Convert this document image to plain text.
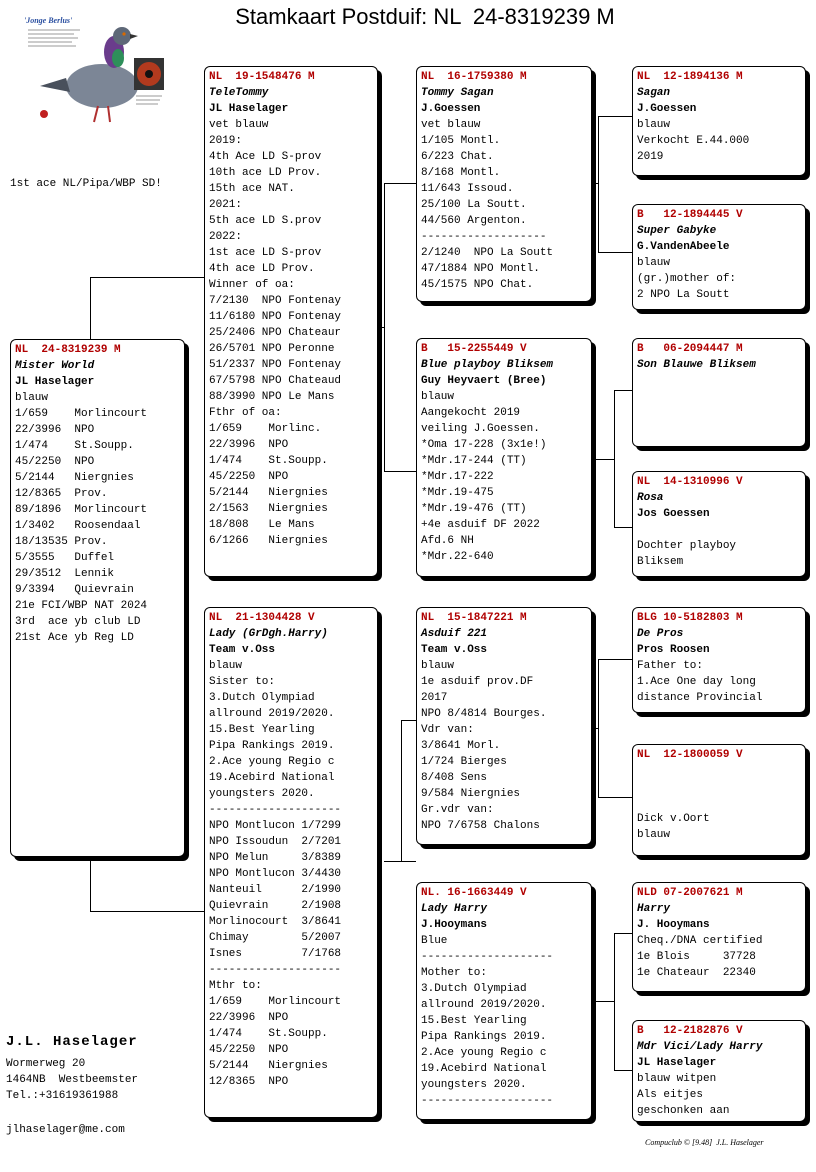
Stamkaart Postduif: NL  24-8319239 M
'Jonge Berlus'
1st ace NL/Pipa/WBP SD!
NL  24-8319239 M
Mister World
JL Haselager
blauw
1/659    Morlincourt
22/3996  NPO
1/474    St.Soupp.
45/2250  NPO
5/2144   Niergnies
12/8365  Prov.
89/1896  Morlincourt
1/3402   Roosendaal
18/13535 Prov.
5/3555   Duffel
29/3512  Lennik
9/3394   Quievrain
21e FCI/WBP NAT 2024
3rd  ace yb club LD
21st Ace yb Reg LD
NL  19-1548476 M
TeleTommy
JL Haselager
vet blauw
2019:
4th Ace LD S-prov
10th ace LD Prov.
15th ace NAT.
2021:
5th ace LD S.prov
2022:
1st ace LD S-prov
4th ace LD Prov.
Winner of oa:
7/2130  NPO Fontenay
11/6180 NPO Fontenay
25/2406 NPO Chateaur
26/5701 NPO Peronne
51/2337 NPO Fontenay
67/5798 NPO Chateaud
88/3990 NPO Le Mans
Fthr of oa:
1/659    Morlinc.
22/3996  NPO
1/474    St.Soupp.
45/2250  NPO
5/2144   Niergnies
2/1563   Niergnies
18/808   Le Mans
6/1266   Niergnies
NL  21-1304428 V
Lady (GrDgh.Harry)
Team v.Oss
blauw
Sister to:
3.Dutch Olympiad
allround 2019/2020.
15.Best Yearling
Pipa Rankings 2019.
2.Ace young Regio c
19.Acebird National
youngsters 2020.
--------------------
NPO Montlucon 1/7299
NPO Issoudun  2/7201
NPO Melun     3/8389
NPO Montlucon 3/4430
Nanteuil      2/1990
Quievrain     2/1908
Morlinocourt  3/8641
Chimay        5/2007
Isnes         7/1768
--------------------
Mthr to:
1/659    Morlincourt
22/3996  NPO
1/474    St.Soupp.
45/2250  NPO
5/2144   Niergnies
12/8365  NPO
NL  16-1759380 M
Tommy Sagan
J.Goessen
vet blauw
1/105 Montl.
6/223 Chat.
8/168 Montl.
11/643 Issoud.
25/100 La Soutt.
44/560 Argenton.
-------------------
2/1240  NPO La Soutt
47/1884 NPO Montl.
45/1575 NPO Chat.
B   15-2255449 V
Blue playboy Bliksem
Guy Heyvaert (Bree)
blauw
Aangekocht 2019
veiling J.Goessen.
*Oma 17-228 (3x1e!)
*Mdr.17-244 (TT)
*Mdr.17-222
*Mdr.19-475
*Mdr.19-476 (TT)
+4e asduif DF 2022
Afd.6 NH
*Mdr.22-640
NL  15-1847221 M
Asduif 221
Team v.Oss
blauw
1e asduif prov.DF
2017
NPO 8/4814 Bourges.
Vdr van:
3/8641 Morl.
1/724 Bierges
8/408 Sens
9/584 Niergnies
Gr.vdr van:
NPO 7/6758 Chalons
NL. 16-1663449 V
Lady Harry
J.Hooymans
Blue
--------------------
Mother to:
3.Dutch Olympiad
allround 2019/2020.
15.Best Yearling
Pipa Rankings 2019.
2.Ace young Regio c
19.Acebird National
youngsters 2020.
--------------------
NL  12-1894136 M
Sagan
J.Goessen
blauw
Verkocht E.44.000
2019
B   12-1894445 V
Super Gabyke
G.VandenAbeele
blauw
(gr.)mother of:
2 NPO La Soutt
B   06-2094447 M
Son Blauwe Bliksem

NL  14-1310996 V
Rosa
Jos Goessen

Dochter playboy
Bliksem
BLG 10-5182803 M
De Pros
Pros Roosen
Father to:
1.Ace One day long
distance Provincial
NL  12-1800059 V

Dick v.Oort
blauw
NLD 07-2007621 M
Harry
J. Hooymans
Cheq./DNA certified
1e Blois     37728
1e Chateaur  22340
B   12-2182876 V
Mdr Vici/Lady Harry
JL Haselager
blauw witpen
Als eitjes
geschonken aan
J.L. Haselager
Wormerweg 20
1464NB  Westbeemster
Tel.:+31619361988
jlhaselager@me.com
Compuclub © [9.48]  J.L. Haselager
